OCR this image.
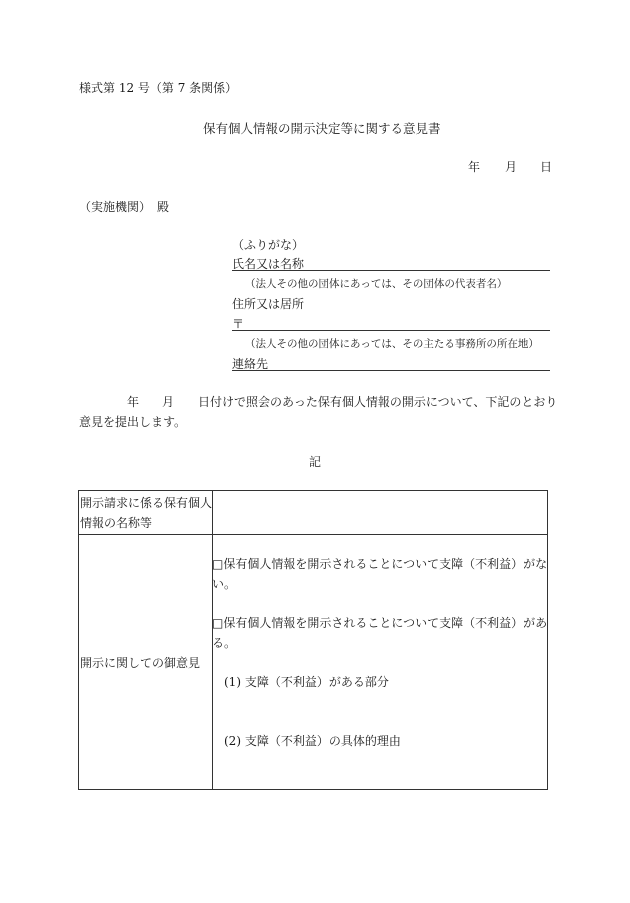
様式第 12 号（第 7 条関係）
保有個人情報の開示決定等に関する意見書
年 月 日
（実施機関）　殿
（ふりがな）
氏名又は名称
（法人その他の団体にあっては、その団体の代表者名）
住所又は居所
〒
（法人その他の団体にあっては、その主たる事務所の所在地）
連絡先
年 月 日付けで照会のあった保有個人情報の開示について、下記のとおり
意見を提出します。
記
開示請求に係る保有個人
情報の名称等
開示に関しての御意見
□保有個人情報を開示されることについて支障（不利益）がな
い。
□保有個人情報を開示されることについて支障（不利益）があ
る。
(1) 支障（不利益）がある部分
(2) 支障（不利益）の具体的理由
